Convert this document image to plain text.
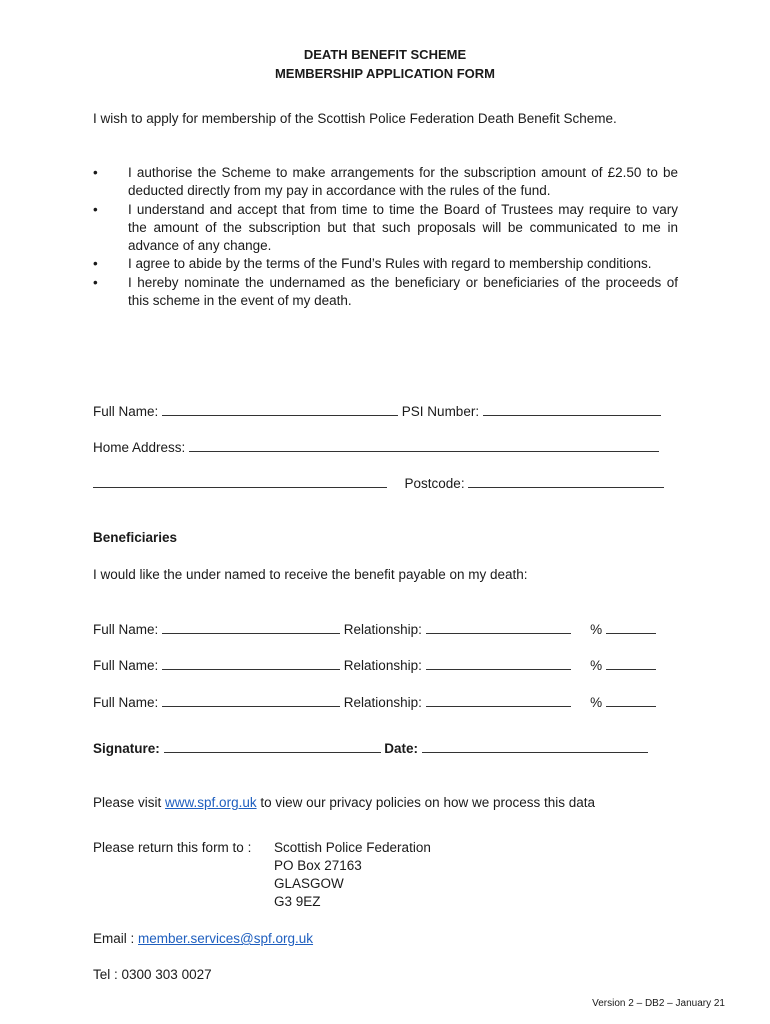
DEATH BENEFIT SCHEME
MEMBERSHIP APPLICATION FORM
I wish to apply for membership of the Scottish Police Federation Death Benefit Scheme.
• I authorise the Scheme to make arrangements for the subscription amount of £2.50 to be deducted directly from my pay in accordance with the rules of the fund.
• I understand and accept that from time to time the Board of Trustees may require to vary the amount of the subscription but that such proposals will be communicated to me in advance of any change.
• I agree to abide by the terms of the Fund’s Rules with regard to membership conditions.
• I hereby nominate the undernamed as the beneficiary or beneficiaries of the proceeds of this scheme in the event of my death.
Full Name:	PSI Number:
Home Address:
Postcode:
Beneficiaries
I would like the under named to receive the benefit payable on my death:
Full Name:	Relationship:	%
Full Name:	Relationship:	%
Full Name:	Relationship:	%
Signature:	Date:
Please visit www.spf.org.uk to view our privacy policies on how we process this data
Please return this form to : Scottish Police Federation
PO Box 27163
GLASGOW
G3 9EZ
Email : member.services@spf.org.uk
Tel : 0300 303 0027
Version 2 – DB2 – January 21
